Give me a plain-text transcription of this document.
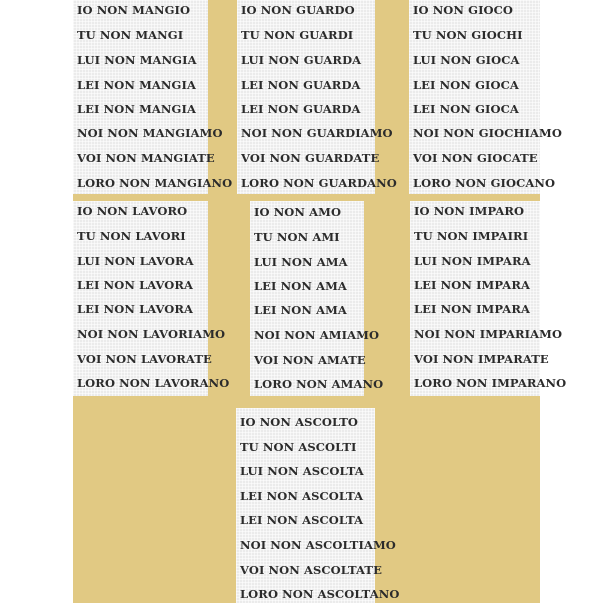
IO NON MANGIO
TU NON MANGI
LUI NON MANGIA
LEI NON MANGIA
LEI NON MANGIA
NOI NON MANGIAMO
VOI NON MANGIATE
LORO NON MANGIANO
IO NON GUARDO
TU NON GUARDI
LUI NON GUARDA
LEI NON GUARDA
LEI NON GUARDA
NOI NON GUARDIAMO
VOI NON GUARDATE
LORO NON GUARDANO
IO NON GIOCO
TU NON GIOCHI
LUI NON GIOCA
LEI NON GIOCA
LEI NON GIOCA
NOI NON GIOCHIAMO
VOI NON GIOCATE
LORO NON GIOCANO
IO NON LAVORO
TU NON LAVORI
LUI NON LAVORA
LEI NON LAVORA
LEI NON LAVORA
NOI NON LAVORIAMO
VOI NON LAVORATE
LORO NON LAVORANO
IO NON AMO
TU NON AMI
LUI NON AMA
LEI NON AMA
LEI NON AMA
NOI NON AMIAMO
VOI NON AMATE
LORO NON AMANO
IO NON IMPARO
TU NON IMPAIRI
LUI NON IMPARA
LEI NON IMPARA
LEI NON IMPARA
NOI NON IMPARIAMO
VOI NON IMPARATE
LORO NON IMPARANO
IO NON ASCOLTO
TU NON ASCOLTI
LUI NON ASCOLTA
LEI NON ASCOLTA
LEI NON ASCOLTA
NOI NON ASCOLTIAMO
VOI NON ASCOLTATE
LORO NON ASCOLTANO
